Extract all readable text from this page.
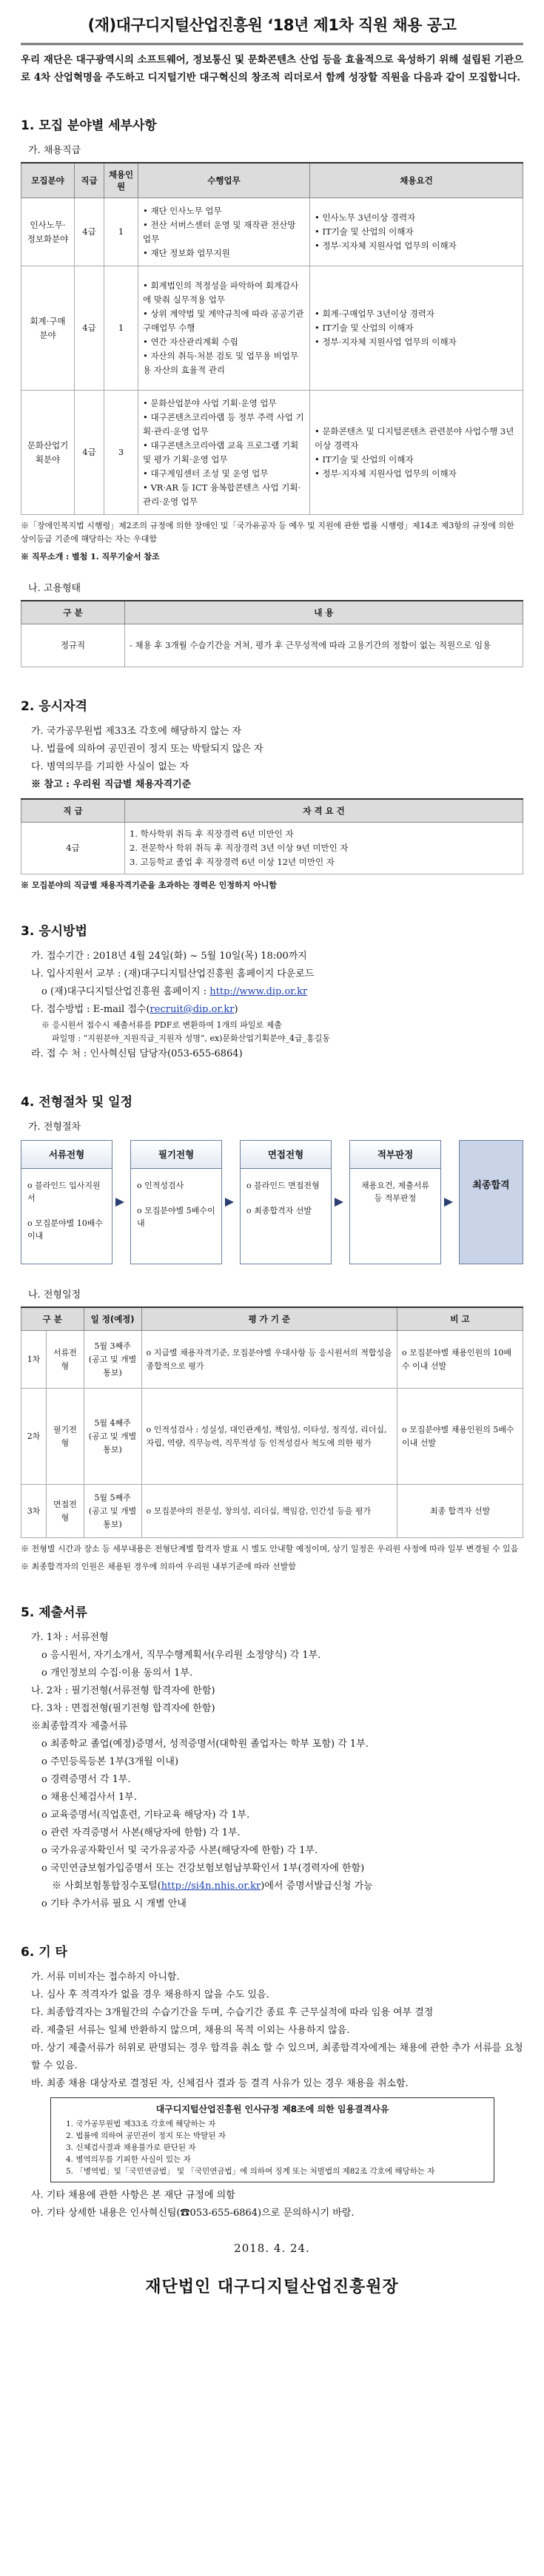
(재)대구디지털산업진흥원 ‘18년 제1차 직원 채용 공고

우리 재단은 대구광역시의 소프트웨어, 정보통신 및 문화콘텐츠 산업 등을 효율적으로 육성하기 위해 설립된 기관으로 4차 산업혁명을 주도하고 디지털기반 대구혁신의 창조적 리더로서 함께 성장할 직원을 다음과 같이 모집합니다.

1. 모집 분야별 세부사항
가. 채용직급
모집분야	직급	채용인원	수행업무	채용요건
인사노무·정보화분야	4급	1	• 재단 인사노무 업무
• 전산 서버스센터 운영 및 재작관 전산망 업무
• 재단 정보화 업무지원	• 인사노무 3년이상 경력자
• IT기술 및 산업의 이해자
• 정부·지자체 지원사업 업무의 이해자
회계·구매분야	4급	1	• 회계법인의 적정성을 파악하여 회계감사에 맞춰 실무적용 업무
• 상위 계약법 및 계약규칙에 따라 공공기관 구매업무 수행
• 연간 자산관리계획 수립
• 자산의 취득·처분 검토 및 업무용 비업무용 자산의 효율적 관리	• 회계·구매업무 3년이상 경력자
• IT기술 및 산업의 이해자
• 정부·지자체 지원사업 업무의 이해자
문화산업기획분야	4급	3	• 문화산업분야 사업 기획·운영 업무
• 대구콘텐츠코리아랩 등 정부 주력 사업 기획·관리·운영 업무
• 대구콘텐츠코리아랩 교육 프로그램 기획 및 평가 기획·운영 업무
• 대구게임센터 조성 및 운영 업무
• VR·AR 등 ICT 융복합콘텐츠 사업 기획·관리·운영 업무	• 문화콘텐츠 및 디지털콘텐츠 관련분야 사업수행 3년이상 경력자
• IT기술 및 산업의 이해자
• 정부·지자체 지원사업 업무의 이해자
※「장애인복지법 시행령」제2조의 규정에 의한 장애인 및「국가유공자 등 예우 및 지원에 관한 법률 시행령」제14조 제3항의 규정에 의한 상이등급 기준에 해당하는 자는 우대함
※ 직무소개 : 별첨 1. 직무기술서 참조
나. 고용형태
구 분	내 용
정규직	- 채용 후 3개월 수습기간을 거쳐, 평가 후 근무성적에 따라 고용기간의 정함이 없는 직원으로 임용
2. 응시자격
가. 국가공무원법 제33조 각호에 해당하지 않는 자
나. 법률에 의하여 공민권이 정지 또는 박탈되지 않은 자
다. 병역의무를 기피한 사실이 없는 자
※ 참고 : 우리원 직급별 채용자격기준
직 급	자 격 요 건
4급	1. 학사학위 취득 후 직장경력 6년 미만인 자
2. 전문학사 학위 취득 후 직장경력 3년 이상 9년 미만인 자
3. 고등학교 졸업 후 직장경력 6년 이상 12년 미만인 자
※ 모집분야의 직급별 채용자격기준을 초과하는 경력은 인정하지 아니함
3. 응시방법
가. 접수기간 : 2018년 4월 24일(화) ~ 5월 10일(목) 18:00까지
나. 입사지원서 교부 : (재)대구디지털산업진흥원 홈페이지 다운로드
o (재)대구디지털산업진흥원 홈페이지 : http://www.dip.or.kr
다. 접수방법 : E-mail 접수(recruit@dip.or.kr)
※ 응시원서 접수시 제출서류를 PDF로 변환하여 1개의 파일로 제출
파일명 : “지원분야_지원직급_지원자 성명”, ex)문화산업기획분야_4급_홍길동
라. 접 수 처 : 인사혁신팀 담당자(053-655-6864)
4. 전형절차 및 일정
가. 전형절차
서류전형
o 블라인드 입사지원서

o 모집분야별 10배수이내
필기전형
o 인적성검사

o 모집분야별 5배수이내
면접전형
o 블라인드 면접전형

o 최종합격자 선발
적부판정
채용요건, 제출서류 등 적부판정
최종합격
나. 전형일정
구 분		일 정(예정)	평 가 기 준	비 고
1차	서류전형	5월 3째주 (공고 및 개별통보)	o 지급별 채용자격기준, 모집분야별 우대사항 등 응시원서의 적합성을 종합적으로 평가	o 모집분야별 채용인원의 10배수 이내 선발
2차	필기전형	5월 4째주 (공고 및 개별통보)	o 인적성검사 : 성실성, 대인관계성, 책임성, 이타성, 정직성, 리더십, 자립, 역량, 직무능력, 직무적성 등 인적성검사 척도에 의한 평가	o 모집분야별 채용인원의 5배수 이내 선발
3차	면접전형	5월 5째주 (공고 및 개별통보)	o 모집분야의 전문성, 창의성, 리더십, 책임감, 인간성 등을 평가	최종 합격자 선발
※ 전형별 시간과 장소 등 세부내용은 전형단계별 합격자 발표 시 별도 안내할 예정이며, 상기 일정은 우리원 사정에 따라 일부 변경될 수 있음
※ 최종합격자의 인원은 채용된 경우에 의하여 우리원 내부기준에 따라 선발함
5. 제출서류
가. 1차 : 서류전형
o 응시원서, 자기소개서, 직무수행계획서(우리원 소정양식) 각 1부.
o 개인정보의 수집·이용 동의서 1부.
나. 2차 : 필기전형(서류전형 합격자에 한함)
다. 3차 : 면접전형(필기전형 합격자에 한함)
※최종합격자 제출서류
o 최종학교 졸업(예정)증명서, 성적증명서(대학원 졸업자는 학부 포함) 각 1부.
o 주민등록등본 1부(3개월 이내)
o 경력증명서 각 1부.
o 채용신체검사서 1부.
o 교육증명서(직업훈련, 기타교육 해당자) 각 1부.
o 관련 자격증명서 사본(해당자에 한함) 각 1부.
o 국가유공자확인서 및 국가유공자증 사본(해당자에 한함) 각 1부.
o 국민연금보험가입증명서 또는 건강보험보험납부확인서 1부(경력자에 한함)
※ 사회보험통합징수포털(http://si4n.nhis.or.kr)에서 증명서발급신청 가능
o 기타 추가서류 필요 시 개별 안내
6. 기 타
가. 서류 미비자는 접수하지 아니함.
나. 심사 후 적격자가 없을 경우 채용하지 않을 수도 있음.
다. 최종합격자는 3개월간의 수습기간을 두며, 수습기간 종료 후 근무실적에 따라 임용 여부 결정
라. 제출된 서류는 일체 반환하지 않으며, 채용의 목적 이외는 사용하지 않음.
마. 상기 제출서류가 허위로 판명되는 경우 합격을 취소 할 수 있으며, 최종합격자에게는 채용에 관한 추가 서류를 요청할 수 있음.
바. 최종 채용 대상자로 결정된 자, 신체검사 결과 등 결격 사유가 있는 경우 채용을 취소함.
대구디지털산업진흥원 인사규정 제8조에 의한 임용결격사유
1. 국가공무원법 제33조 각호에 해당하는 자
2. 법률에 의하여 공민권이 정지 또는 박탈된 자
3. 신체검사결과 채용불가로 판단된 자
4. 병역의무를 기피한 사실이 있는 자
5. 「병역법」및「국민연금법」 및 「국민연금법」에 의하여 징계 또는 처벌법의 제82조 각호에 해당하는 자
사. 기타 채용에 관한 사항은 본 재단 규정에 의함
아. 기타 상세한 내용은 인사혁신팀(☎053-655-6864)으로 문의하시기 바람.
2018. 4. 24.
재단법인 대구디지털산업진흥원장
